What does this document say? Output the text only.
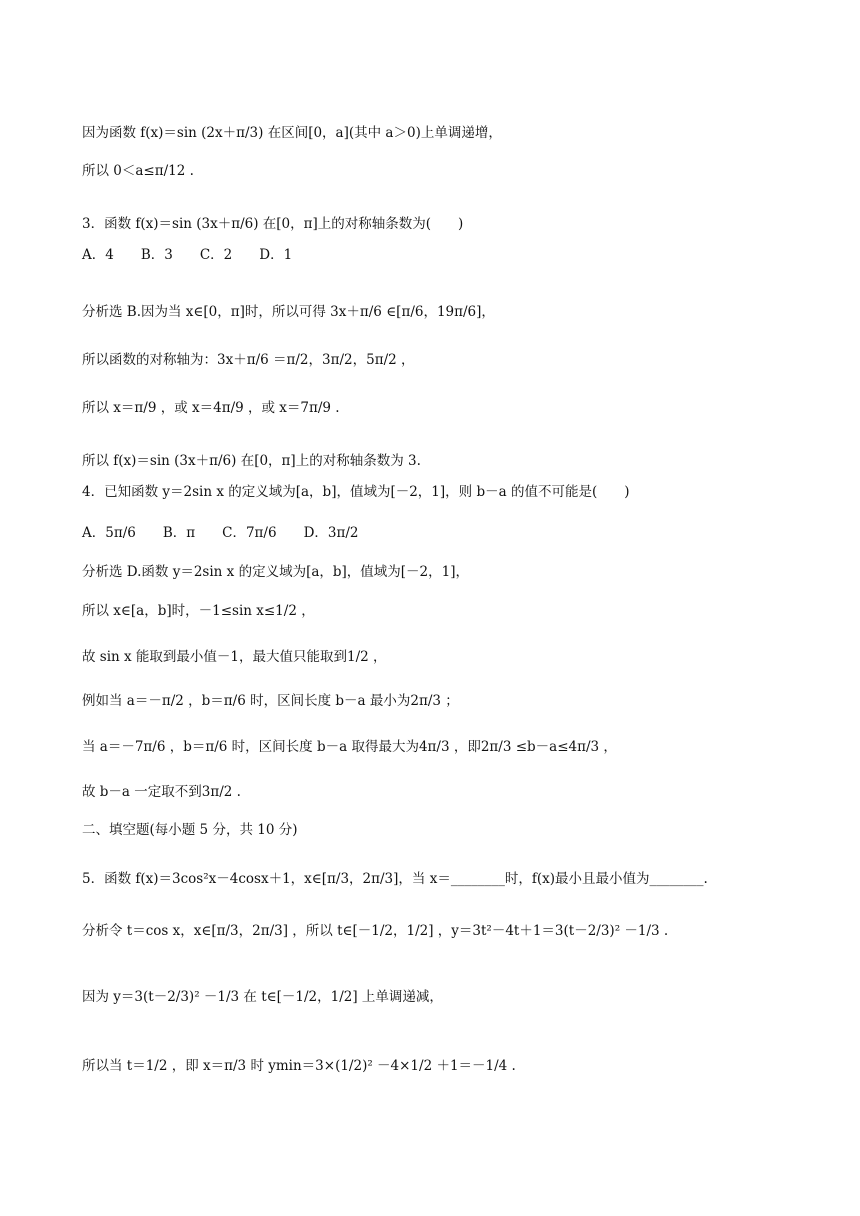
因为函数 f(x)＝sin (2x＋π/3) 在区间[0，a](其中 a＞0)上单调递增，
所以 0＜a≤π/12 .
3．函数 f(x)＝sin (3x＋π/6) 在[0，π]上的对称轴条数为(　　)
A．4　　B．3　　C．2　　D．1
分析选 B.因为当 x∈[0，π]时，所以可得 3x＋π/6 ∈[π/6，19π/6]，
所以函数的对称轴为：3x＋π/6 ＝π/2，3π/2，5π/2 ，
所以 x＝π/9 ，或 x＝4π/9 ，或 x＝7π/9 .
所以 f(x)＝sin (3x＋π/6) 在[0，π]上的对称轴条数为 3.
4．已知函数 y＝2sin x 的定义域为[a，b]，值域为[－2，1]，则 b－a 的值不可能是(　　)
A．5π/6　　B．π　　C．7π/6　　D．3π/2
分析选 D.函数 y＝2sin x 的定义域为[a，b]，值域为[－2，1]，
所以 x∈[a，b]时，－1≤sin x≤1/2 ，
故 sin x 能取到最小值－1，最大值只能取到1/2 ，
例如当 a＝－π/2 ，b＝π/6 时，区间长度 b－a 最小为2π/3 ；
当 a＝－7π/6 ，b＝π/6 时，区间长度 b－a 取得最大为4π/3 ，即2π/3 ≤b－a≤4π/3 ，
故 b－a 一定取不到3π/2 .
二、填空题(每小题 5 分，共 10 分)
5．函数 f(x)＝3cos²x－4cosx＋1，x∈[π/3，2π/3]，当 x＝________时，f(x)最小且最小值为________.
分析令 t＝cos x，x∈[π/3，2π/3] ，所以 t∈[－1/2，1/2] ，y＝3t²－4t＋1＝3(t－2/3)² －1/3 .
因为 y＝3(t－2/3)² －1/3 在 t∈[－1/2，1/2] 上单调递减，
所以当 t＝1/2 ，即 x＝π/3 时 ymin＝3×(1/2)² －4×1/2 ＋1＝－1/4 .
